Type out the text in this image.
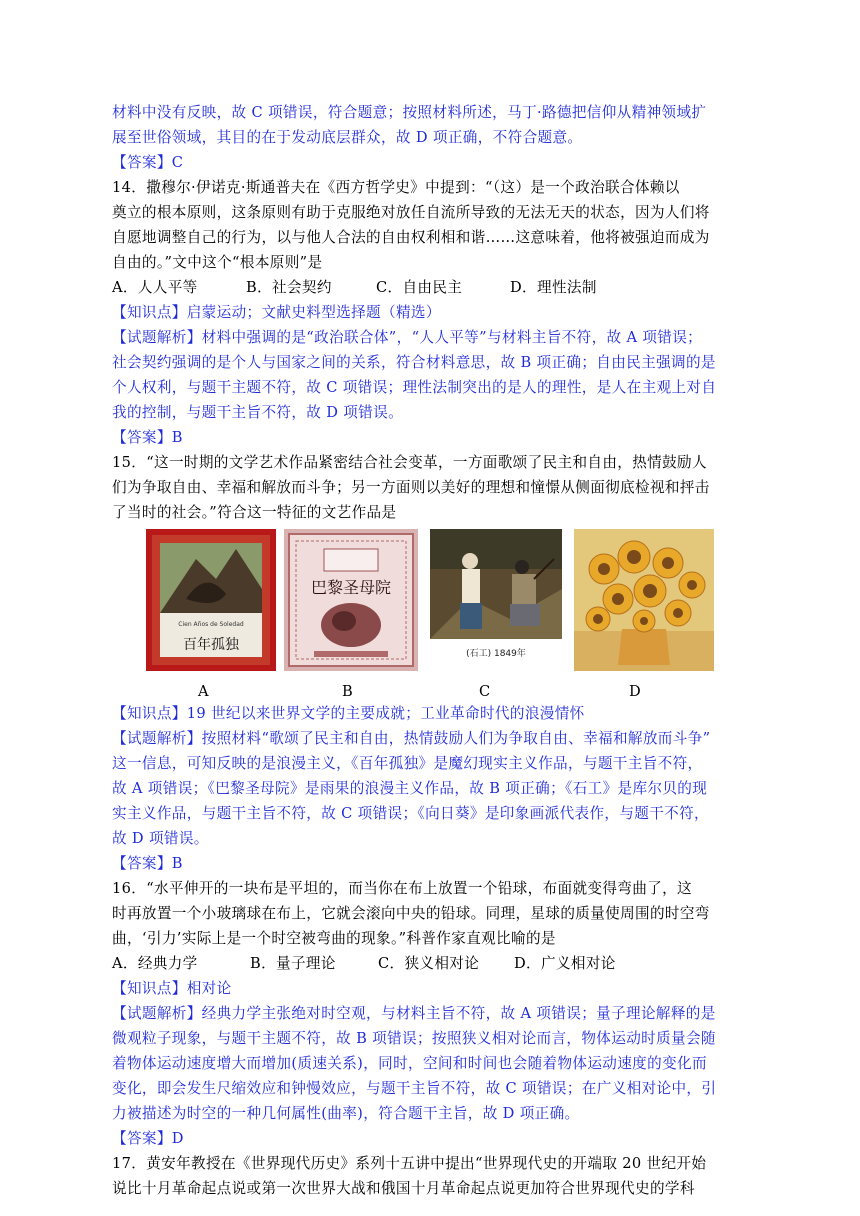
材料中没有反映，故 C 项错误，符合题意；按照材料所述，马丁·路德把信仰从精神领域扩
展至世俗领域，其目的在于发动底层群众，故 D 项正确，不符合题意。
【答案】C
14．撒穆尔·伊诺克·斯通普夫在《西方哲学史》中提到：“（这）是一个政治联合体赖以
奠立的根本原则，这条原则有助于克服绝对放任自流所导致的无法无天的状态，因为人们将
自愿地调整自己的行为，以与他人合法的自由权利相和谐……这意味着，他将被强迫而成为
自由的。”文中这个“根本原则”是
A．人人平等	B．社会契约	C．自由民主	D．理性法制
【知识点】启蒙运动；文献史料型选择题（精选）
【试题解析】材料中强调的是“政治联合体”，“人人平等”与材料主旨不符，故 A 项错误；
社会契约强调的是个人与国家之间的关系，符合材料意思，故 B 项正确；自由民主强调的是
个人权利，与题干主题不符，故 C 项错误；理性法制突出的是人的理性，是人在主观上对自
我的控制，与题干主旨不符，故 D 项错误。
【答案】B
15．“这一时期的文学艺术作品紧密结合社会变革，一方面歌颂了民主和自由，热情鼓励人
们为争取自由、幸福和解放而斗争；另一方面则以美好的理想和憧憬从侧面彻底检视和抨击
了当时的社会。”符合这一特征的文艺作品是
Cien Años de Soledad
百年孤独
巴黎圣母院
(石工) 1849年
A	B	C	D
【知识点】19 世纪以来世界文学的主要成就；工业革命时代的浪漫情怀
【试题解析】按照材料“歌颂了民主和自由，热情鼓励人们为争取自由、幸福和解放而斗争”
这一信息，可知反映的是浪漫主义，《百年孤独》是魔幻现实主义作品，与题干主旨不符，
故 A 项错误；《巴黎圣母院》是雨果的浪漫主义作品，故 B 项正确；《石工》是库尔贝的现
实主义作品，与题干主旨不符，故 C 项错误；《向日葵》是印象画派代表作，与题干不符，
故 D 项错误。
【答案】B
16．“水平伸开的一块布是平坦的，而当你在布上放置一个铅球，布面就变得弯曲了，这
时再放置一个小玻璃球在布上，它就会滚向中央的铅球。同理，星球的质量使周围的时空弯
曲，‘引力’实际上是一个时空被弯曲的现象。”科普作家直观比喻的是
A．经典力学	B．量子理论	C．狭义相对论	D．广义相对论
【知识点】相对论
【试题解析】经典力学主张绝对时空观，与材料主旨不符，故 A 项错误；量子理论解释的是
微观粒子现象，与题干主题不符，故 B 项错误；按照狭义相对论而言，物体运动时质量会随
着物体运动速度增大而增加(质速关系)，同时，空间和时间也会随着物体运动速度的变化而
变化，即会发生尺缩效应和钟慢效应，与题干主旨不符，故 C 项错误；在广义相对论中，引
力被描述为时空的一种几何属性(曲率)，符合题干主旨，故 D 项正确。
【答案】D
17．黄安年教授在《世界现代历史》系列十五讲中提出“世界现代史的开端取 20 世纪开始
说比十月革命起点说或第一次世界大战和俄国十月革命起点说更加符合世界现代史的学科
